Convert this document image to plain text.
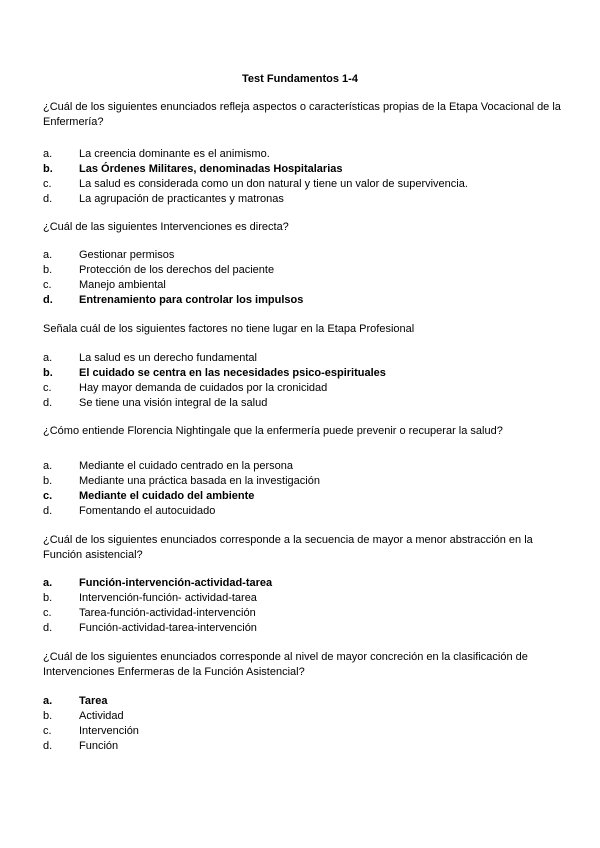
Test Fundamentos 1-4
¿Cuál de los siguientes enunciados refleja aspectos o características propias de la Etapa Vocacional de la Enfermería?
a. La creencia dominante es el animismo.
b. Las Órdenes Militares, denominadas Hospitalarias
c. La salud es considerada como un don natural y tiene un valor de supervivencia.
d. La agrupación de practicantes y matronas
¿Cuál de las siguientes Intervenciones es directa?
a. Gestionar permisos
b. Protección de los derechos del paciente
c. Manejo ambiental
d. Entrenamiento para controlar los impulsos
Señala cuál de los siguientes factores no tiene lugar en la Etapa Profesional
a. La salud es un derecho fundamental
b. El cuidado se centra en las necesidades psico-espirituales
c. Hay mayor demanda de cuidados por la cronicidad
d. Se tiene una visión integral de la salud
¿Cómo entiende Florencia Nightingale que la enfermería puede prevenir o recuperar la salud?
a. Mediante el cuidado centrado en la persona
b. Mediante una práctica basada en la investigación
c. Mediante el cuidado del ambiente
d. Fomentando el autocuidado
¿Cuál de los siguientes enunciados corresponde a la secuencia de mayor a menor abstracción en la Función asistencial?
a. Función-intervención-actividad-tarea
b. Intervención-función- actividad-tarea
c. Tarea-función-actividad-intervención
d. Función-actividad-tarea-intervención
¿Cuál de los siguientes enunciados corresponde al nivel de mayor concreción en la clasificación de Intervenciones Enfermeras de la Función Asistencial?
a. Tarea
b. Actividad
c. Intervención
d. Función
